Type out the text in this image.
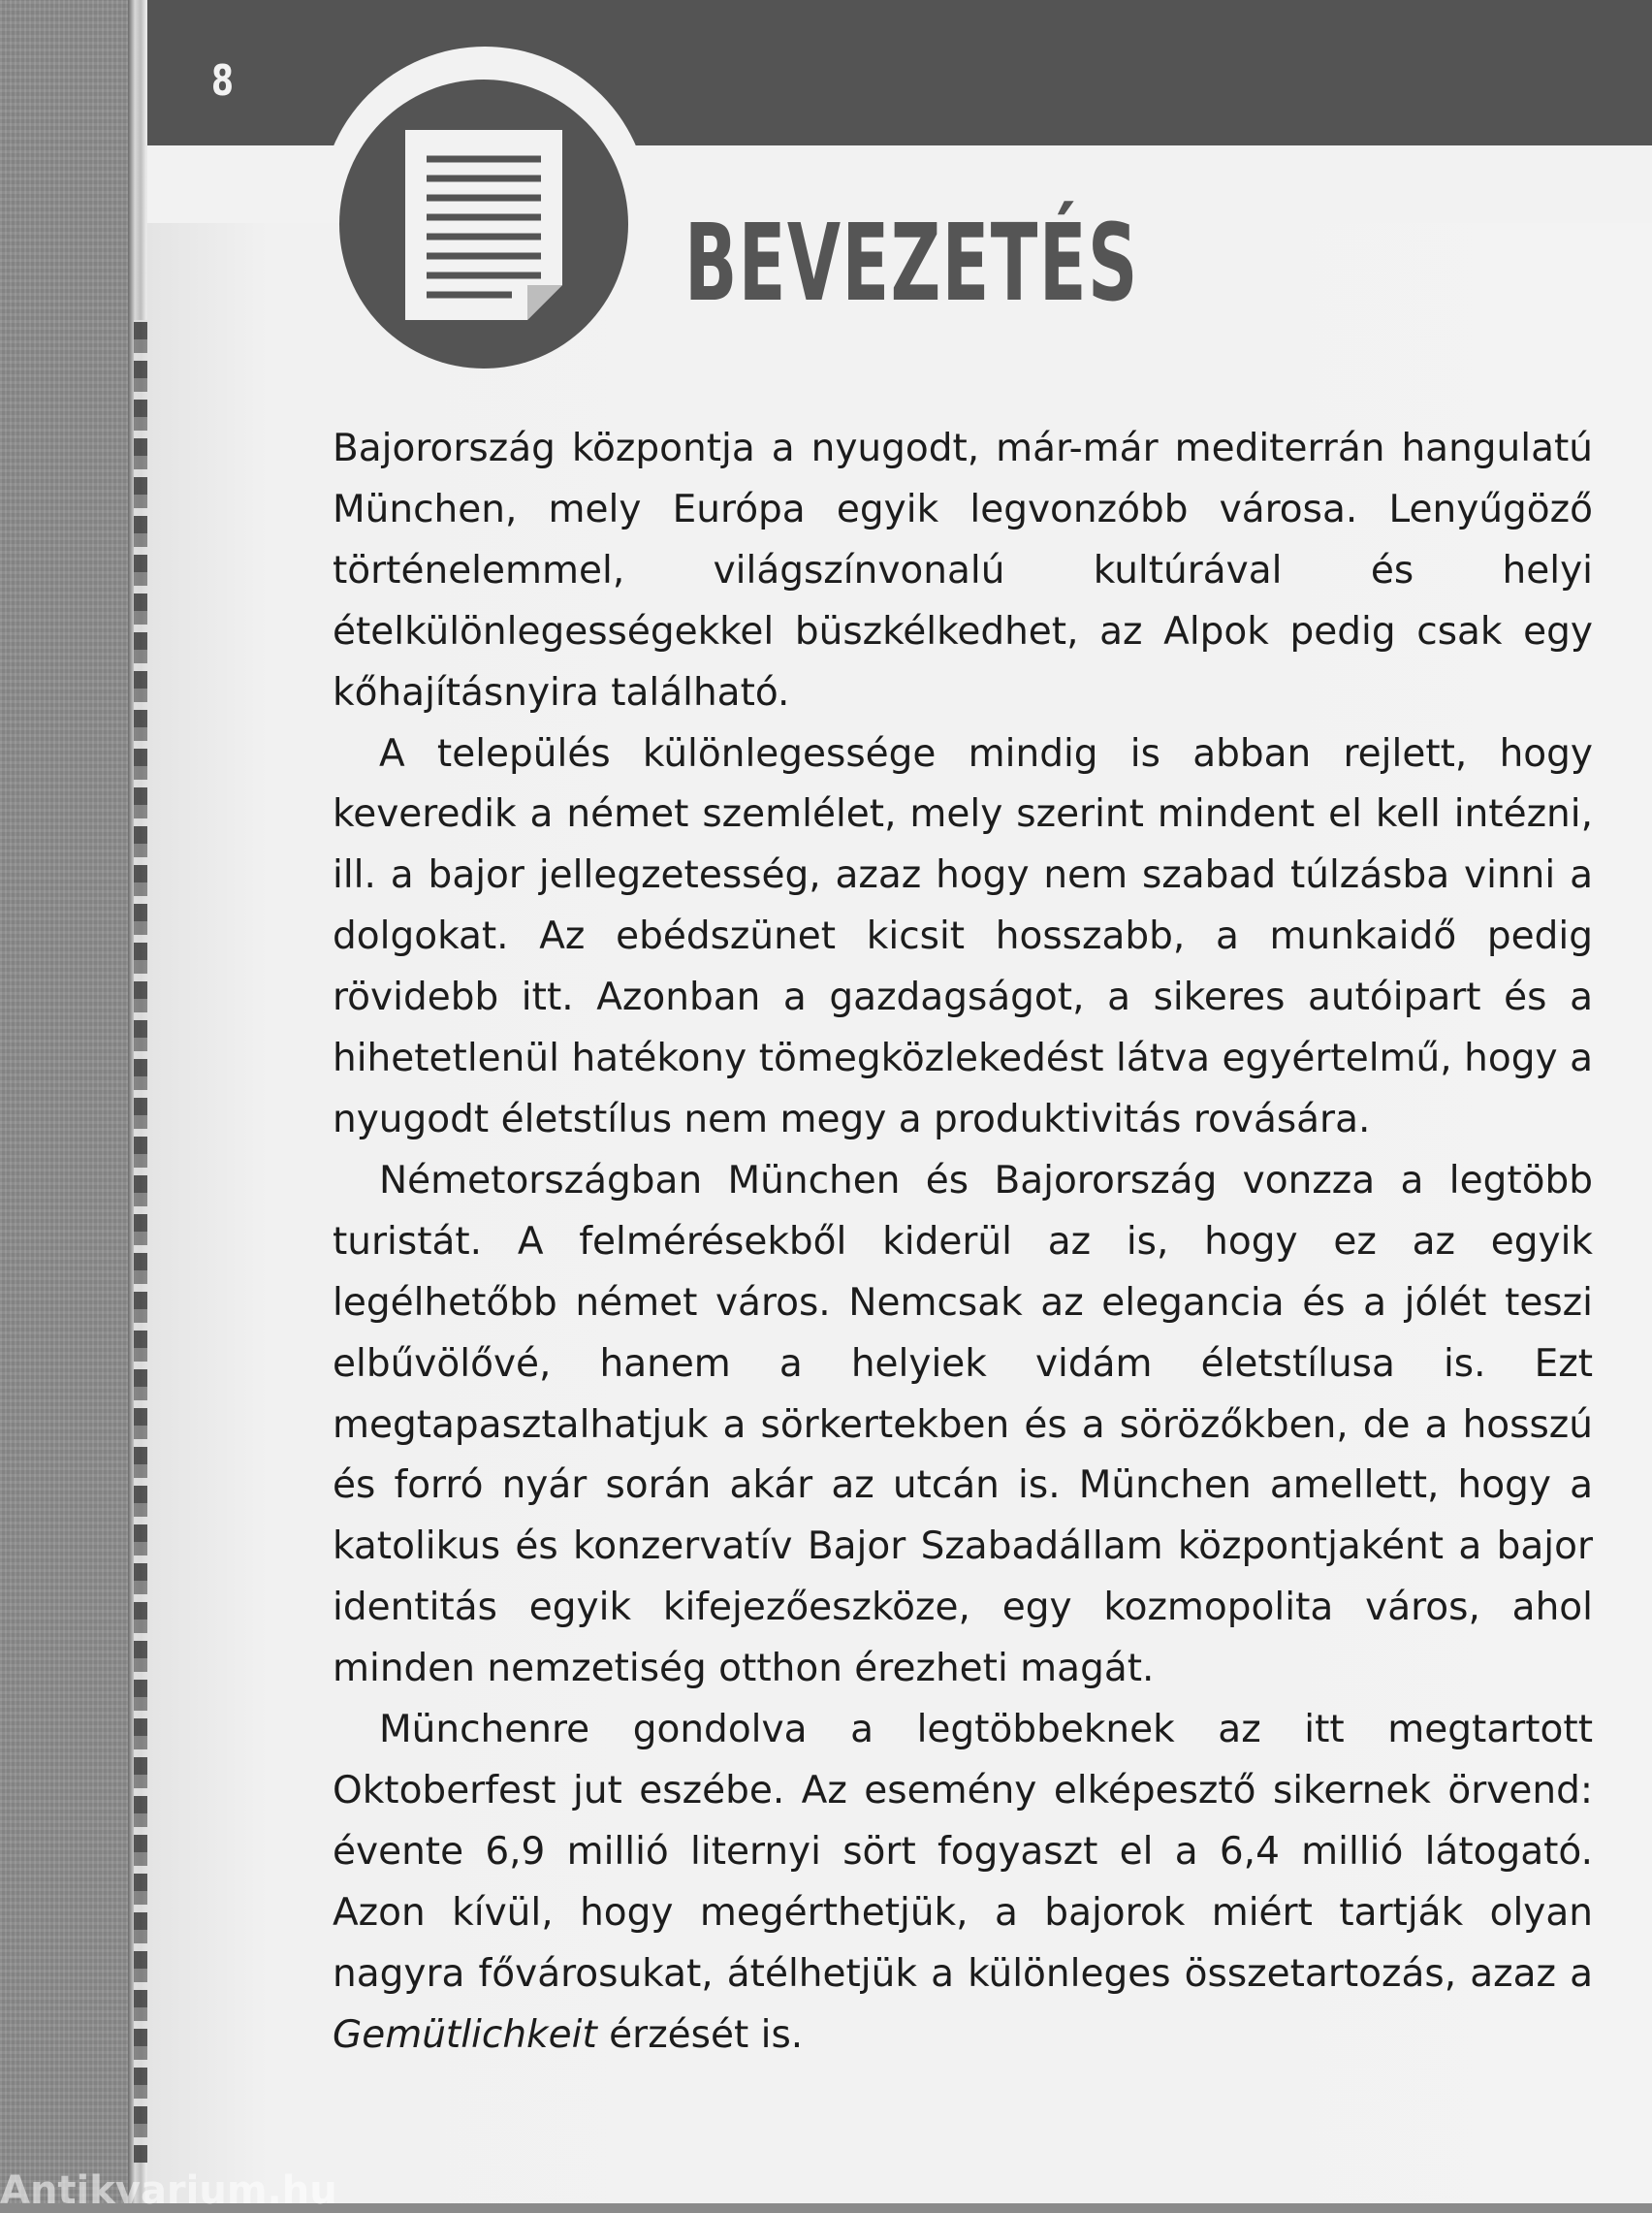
8
BEVEZETÉS

Bajorország központja a nyugodt, már-már mediterrán hangulatú München, mely Európa egyik legvonzóbb városa. Lenyűgöző történelemmel, világszínvonalú kultúrával és helyi ételkülönlegességekkel büszkélkedhet, az Alpok pedig csak egy kőhajításnyira található.

A település különlegessége mindig is abban rejlett, hogy keveredik a német szemlélet, mely szerint mindent el kell intézni, ill. a bajor jellegzetesség, azaz hogy nem szabad túlzásba vinni a dolgokat. Az ebédszünet kicsit hosszabb, a munkaidő pedig rövidebb itt. Azonban a gazdagságot, a sikeres autóipart és a hihetetlenül hatékony tömegközlekedést látva egyértelmű, hogy a nyugodt életstílus nem megy a produktivitás rovására.

Németországban München és Bajorország vonzza a legtöbb turistát. A felmérésekből kiderül az is, hogy ez az egyik legélhetőbb német város. Nemcsak az elegancia és a jólét teszi elbűvölővé, hanem a helyiek vidám életstílusa is. Ezt megtapasztalhatjuk a sörkertekben és a sörözőkben, de a hosszú és forró nyár során akár az utcán is. München amellett, hogy a katolikus és konzervatív Bajor Szabadállam központjaként a bajor identitás egyik kifejezőeszköze, egy kozmopolita város, ahol minden nemzetiség otthon érezheti magát.

Münchenre gondolva a legtöbbeknek az itt megtartott Oktoberfest jut eszébe. Az esemény elképesztő sikernek örvend: évente 6,9 millió liternyi sört fogyaszt el a 6,4 millió látogató. Azon kívül, hogy megérthetjük, a bajorok miért tartják olyan nagyra fővárosukat, átélhetjük a különleges összetartozás, azaz a Gemütlichkeit érzését is.

Antikvarium.hu
